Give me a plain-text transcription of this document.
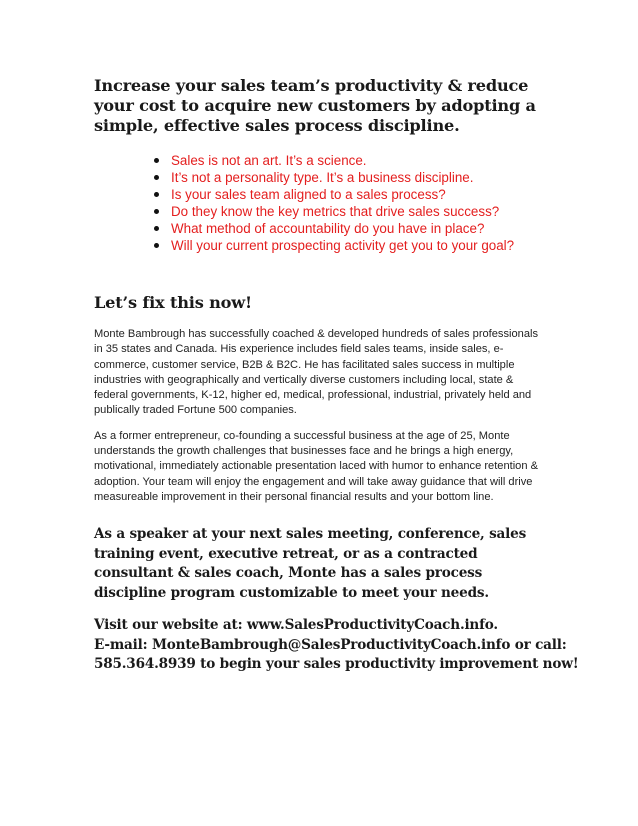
Increase your sales team’s productivity & reduce your cost to acquire new customers by adopting a simple, effective sales process discipline.
Sales is not an art. It’s a science.
It’s not a personality type. It’s a business discipline.
Is your sales team aligned to a sales process?
Do they know the key metrics that drive sales success?
What method of accountability do you have in place?
Will your current prospecting activity get you to your goal?
Let’s fix this now!

Monte Bambrough has successfully coached & developed hundreds of sales professionals in 35 states and Canada. His experience includes field sales teams, inside sales, e-commerce, customer service, B2B & B2C. He has facilitated sales success in multiple industries with geographically and vertically diverse customers including local, state & federal governments, K-12, higher ed, medical, professional, industrial, privately held and publically traded Fortune 500 companies.

As a former entrepreneur, co-founding a successful business at the age of 25, Monte understands the growth challenges that businesses face and he brings a high energy, motivational, immediately actionable presentation laced with humor to enhance retention & adoption. Your team will enjoy the engagement and will take away guidance that will drive measureable improvement in their personal financial results and your bottom line.

As a speaker at your next sales meeting, conference, sales training event, executive retreat, or as a contracted consultant & sales coach, Monte has a sales process discipline program customizable to meet your needs.

Visit our website at: www.SalesProductivityCoach.info.
E-mail: MonteBambrough@SalesProductivityCoach.info or call:
585.364.8939 to begin your sales productivity improvement now!
